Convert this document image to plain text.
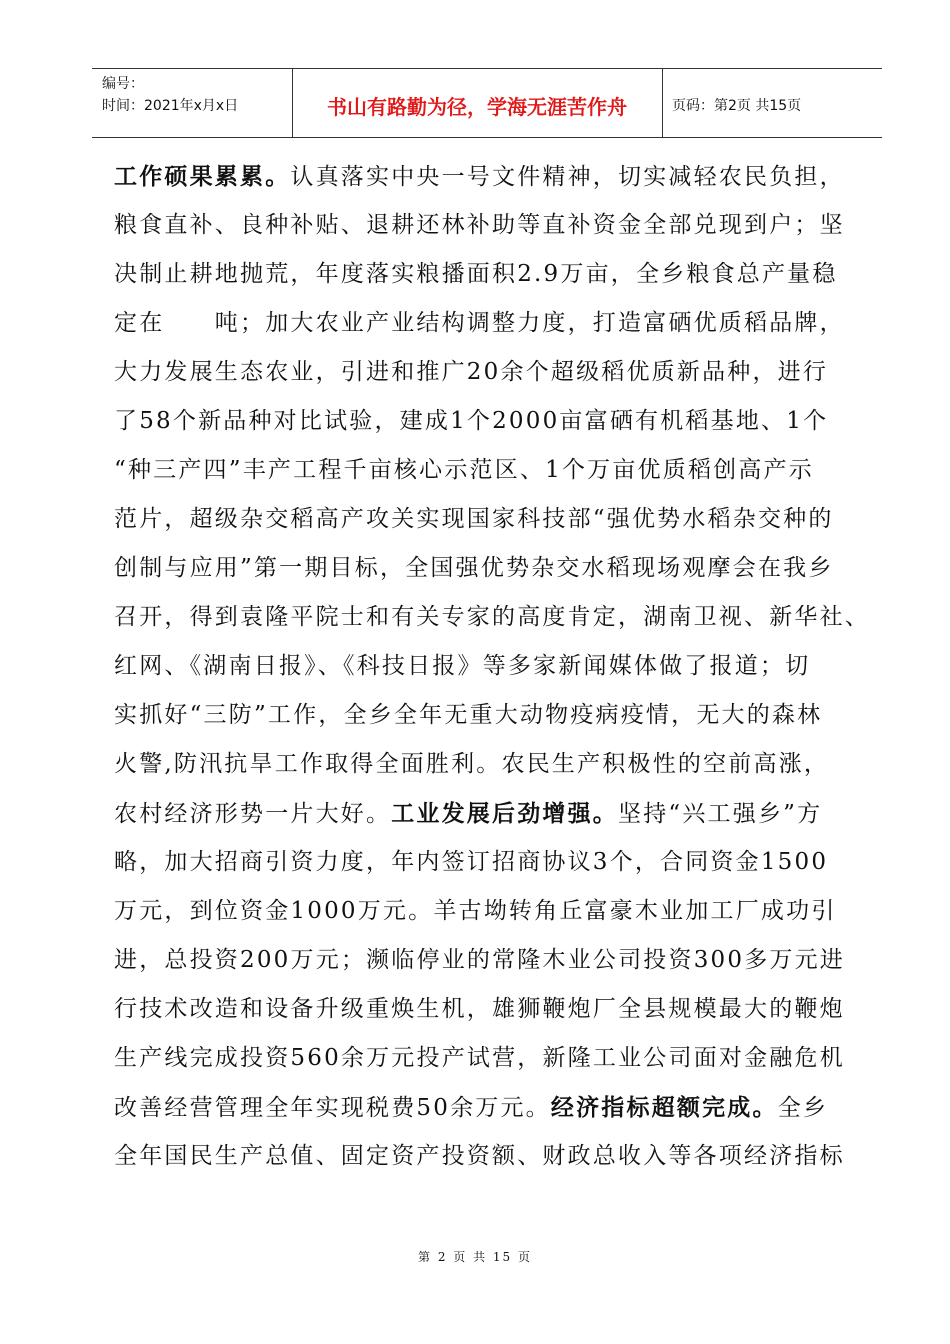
编号：
时间：2021年x月x日	书山有路勤为径，学海无涯苦作舟	页码：第2页 共15页
工作硕果累累。认真落实中央一号文件精神，切实减轻农民负担，
粮食直补、良种补贴、退耕还林补助等直补资金全部兑现到户；坚
决制止耕地抛荒，年度落实粮播面积2.9万亩，全乡粮食总产量稳
定在　　吨；加大农业产业结构调整力度，打造富硒优质稻品牌，
大力发展生态农业，引进和推广20余个超级稻优质新品种，进行
了58个新品种对比试验，建成1个2000亩富硒有机稻基地、1个
“种三产四”丰产工程千亩核心示范区、1个万亩优质稻创高产示
范片，超级杂交稻高产攻关实现国家科技部“强优势水稻杂交种的
创制与应用”第一期目标，全国强优势杂交水稻现场观摩会在我乡
召开，得到袁隆平院士和有关专家的高度肯定，湖南卫视、新华社、
红网、《湖南日报》、《科技日报》等多家新闻媒体做了报道；切
实抓好“三防”工作，全乡全年无重大动物疫病疫情，无大的森林
火警,防汛抗旱工作取得全面胜利。农民生产积极性的空前高涨，
农村经济形势一片大好。工业发展后劲增强。坚持“兴工强乡”方
略，加大招商引资力度，年内签订招商协议3个，合同资金1500
万元，到位资金1000万元。羊古坳转角丘富豪木业加工厂成功引
进，总投资200万元；濒临停业的常隆木业公司投资300多万元进
行技术改造和设备升级重焕生机，雄狮鞭炮厂全县规模最大的鞭炮
生产线完成投资560余万元投产试营，新隆工业公司面对金融危机
改善经营管理全年实现税费50余万元。经济指标超额完成。全乡
全年国民生产总值、固定资产投资额、财政总收入等各项经济指标
第 2 页 共 15 页
